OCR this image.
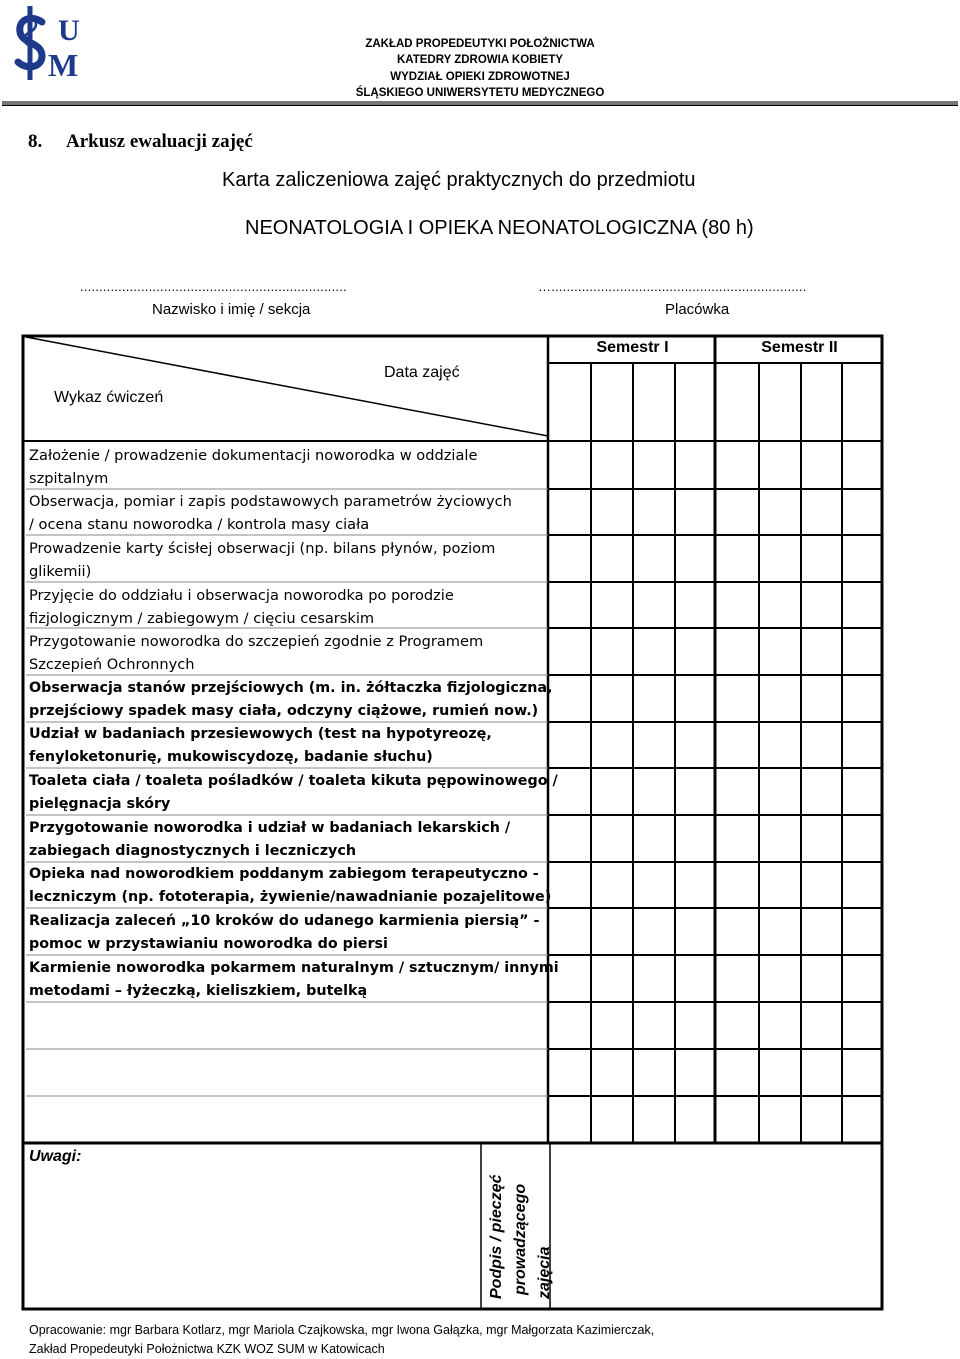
U
M
ZAKŁAD PROPEDEUTYKI POŁOŻNICTWA
KATEDRY ZDROWIA KOBIETY
WYDZIAŁ OPIEKI ZDROWOTNEJ
ŚLĄSKIEGO UNIWERSYTETU MEDYCZNEGO
8. Arkusz ewaluacji zajęć
Karta zaliczeniowa zajęć praktycznych do przedmiotu
NEONATOLOGIA I OPIEKA NEONATOLOGICZNA (80 h)
......................................................................
Nazwisko i imię / sekcja
…...................................................................
Placówka
Data zajęć
Wykaz ćwiczeń
Semestr I	Semestr II
Założenie / prowadzenie dokumentacji noworodka w oddziale
szpitalnym
Obserwacja, pomiar i zapis podstawowych parametrów życiowych
/ ocena stanu noworodka / kontrola masy ciała
Prowadzenie karty ścisłej obserwacji (np. bilans płynów, poziom
glikemii)
Przyjęcie do oddziału i obserwacja noworodka po porodzie
fizjologicznym / zabiegowym / cięciu cesarskim
Przygotowanie noworodka do szczepień zgodnie z Programem
Szczepień Ochronnych
Obserwacja stanów przejściowych (m. in. żółtaczka fizjologiczna,
przejściowy spadek masy ciała, odczyny ciążowe, rumień now.)
Udział w badaniach przesiewowych (test na hypotyreozę,
fenyloketonurię, mukowiscydozę, badanie słuchu)
Toaleta ciała / toaleta pośladków / toaleta kikuta pępowinowego /
pielęgnacja skóry
Przygotowanie noworodka i udział w badaniach lekarskich /
zabiegach diagnostycznych i leczniczych
Opieka nad noworodkiem poddanym zabiegom terapeutyczno -
leczniczym (np. fototerapia, żywienie/nawadnianie pozajelitowe)
Realizacja zaleceń „10 kroków do udanego karmienia piersią” -
pomoc w przystawianiu noworodka do piersi
Karmienie noworodka pokarmem naturalnym / sztucznym/ innymi
metodami – łyżeczką, kieliszkiem, butelką
Uwagi:
Podpis / pieczęć prowadzącego zajęcia
Opracowanie: mgr Barbara Kotlarz, mgr Mariola Czajkowska, mgr Iwona Gałązka, mgr Małgorzata Kazimierczak,
Zakład Propedeutyki Położnictwa KZK WOZ SUM w Katowicach
